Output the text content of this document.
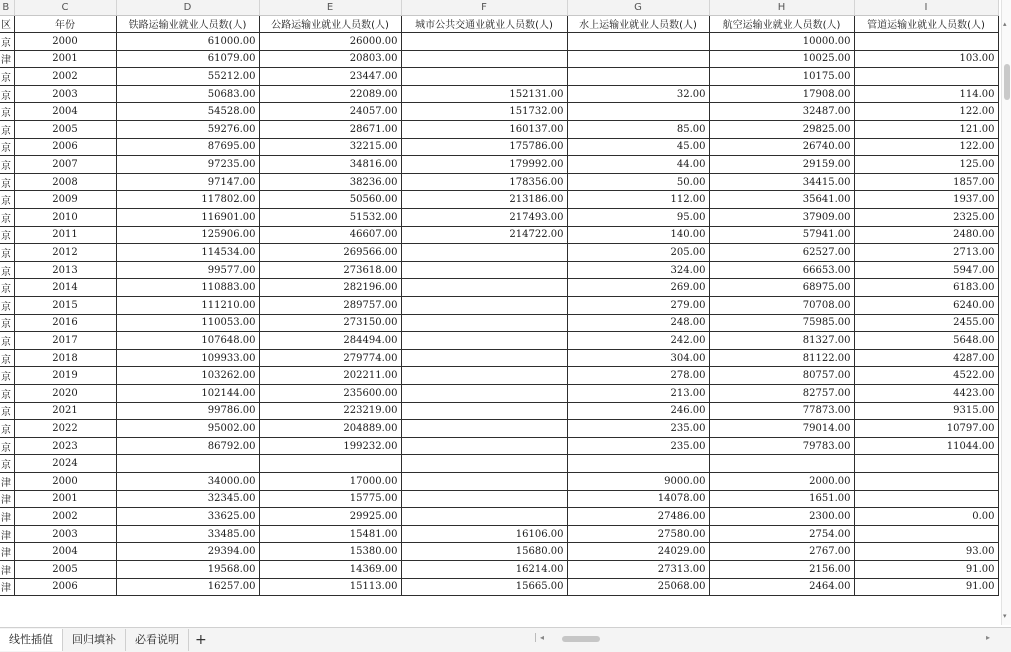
B	C	D	E	F	G	H	I
区	年份	铁路运输业就业人员数(人)	公路运输业就业人员数(人)	城市公共交通业就业人员数(人)	水上运输业就业人员数(人)	航空运输业就业人员数(人)	管道运输业就业人员数(人)
京	2000	61000.00	26000.00			10000.00	
津	2001	61079.00	20803.00			10025.00	103.00
京	2002	55212.00	23447.00			10175.00	
京	2003	50683.00	22089.00	152131.00	32.00	17908.00	114.00
京	2004	54528.00	24057.00	151732.00		32487.00	122.00
京	2005	59276.00	28671.00	160137.00	85.00	29825.00	121.00
京	2006	87695.00	32215.00	175786.00	45.00	26740.00	122.00
京	2007	97235.00	34816.00	179992.00	44.00	29159.00	125.00
京	2008	97147.00	38236.00	178356.00	50.00	34415.00	1857.00
京	2009	117802.00	50560.00	213186.00	112.00	35641.00	1937.00
京	2010	116901.00	51532.00	217493.00	95.00	37909.00	2325.00
京	2011	125906.00	46607.00	214722.00	140.00	57941.00	2480.00
京	2012	114534.00	269566.00		205.00	62527.00	2713.00
京	2013	99577.00	273618.00		324.00	66653.00	5947.00
京	2014	110883.00	282196.00		269.00	68975.00	6183.00
京	2015	111210.00	289757.00		279.00	70708.00	6240.00
京	2016	110053.00	273150.00		248.00	75985.00	2455.00
京	2017	107648.00	284494.00		242.00	81327.00	5648.00
京	2018	109933.00	279774.00		304.00	81122.00	4287.00
京	2019	103262.00	202211.00		278.00	80757.00	4522.00
京	2020	102144.00	235600.00		213.00	82757.00	4423.00
京	2021	99786.00	223219.00		246.00	77873.00	9315.00
京	2022	95002.00	204889.00		235.00	79014.00	10797.00
京	2023	86792.00	199232.00		235.00	79783.00	11044.00
京	2024						
津	2000	34000.00	17000.00		9000.00	2000.00	
津	2001	32345.00	15775.00		14078.00	1651.00	
津	2002	33625.00	29925.00		27486.00	2300.00	0.00
津	2003	33485.00	15481.00	16106.00	27580.00	2754.00	
津	2004	29394.00	15380.00	15680.00	24029.00	2767.00	93.00
津	2005	19568.00	14369.00	16214.00	27313.00	2156.00	91.00
津	2006	16257.00	15113.00	15665.00	25068.00	2464.00	91.00
▴
▾
线性插值	回归填补	必看说明	+	| ◂	▸
